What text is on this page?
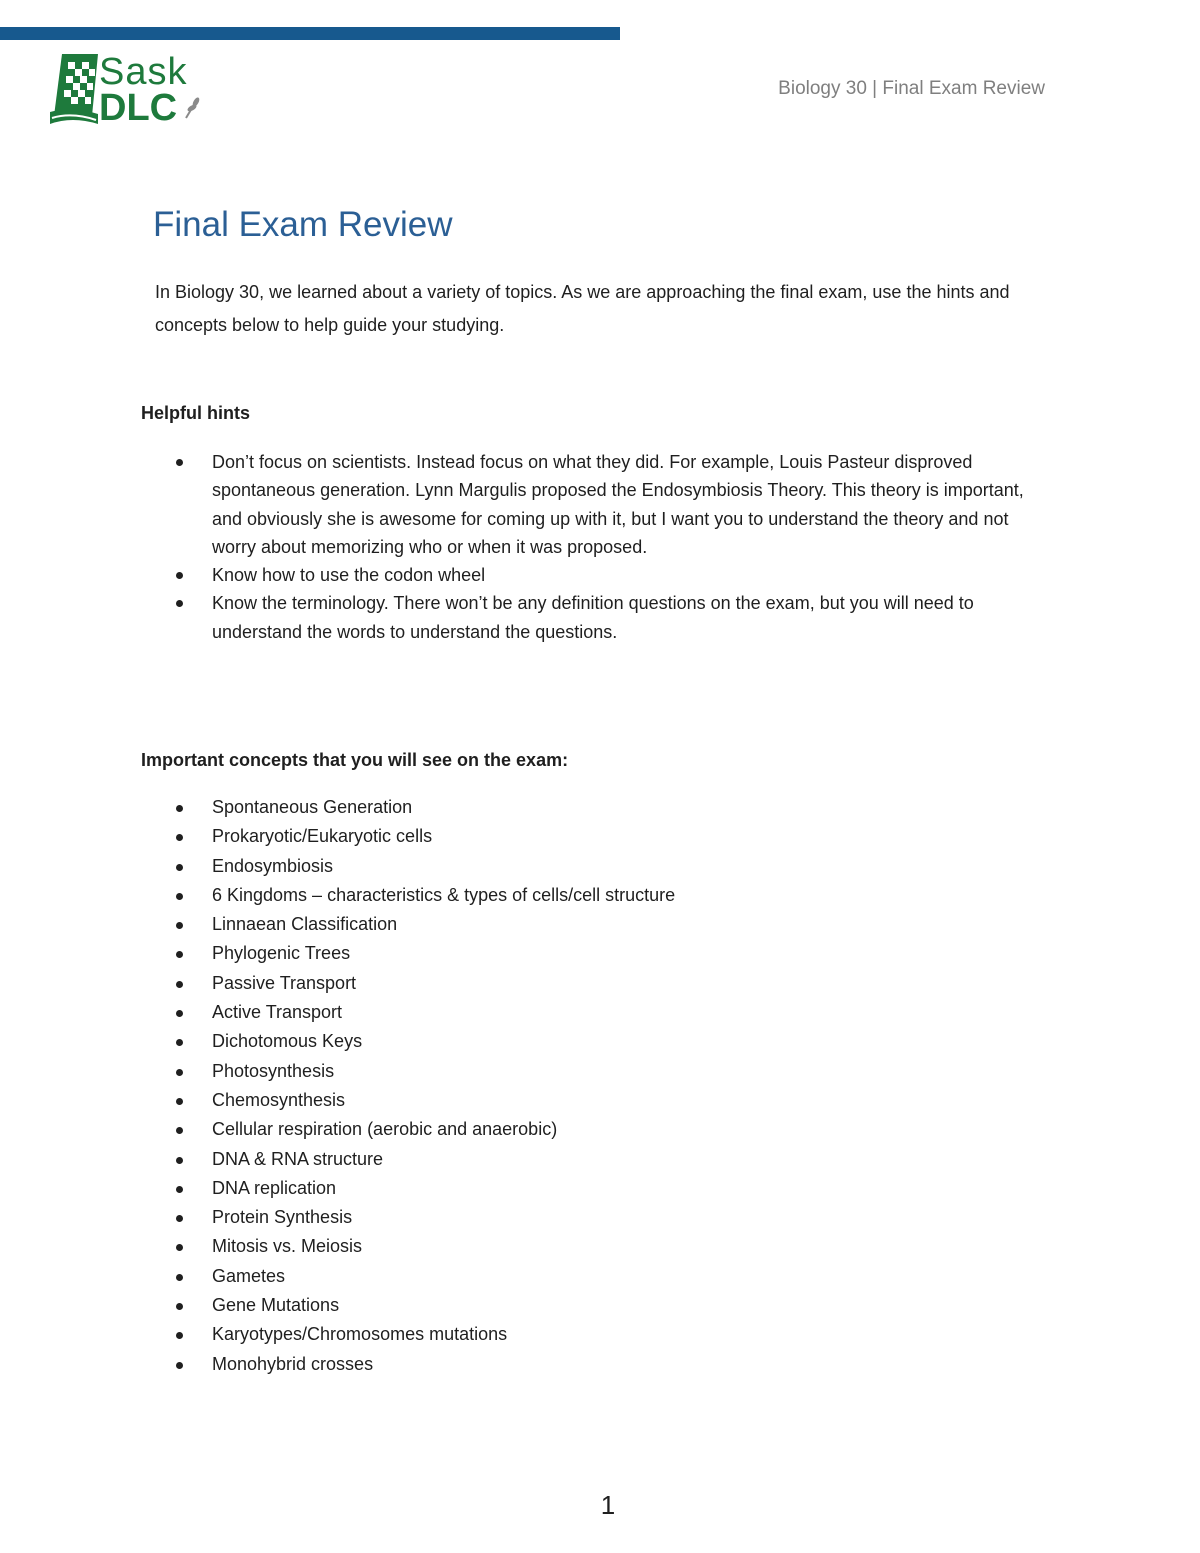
Sask
DLC	Biology 30 | Final Exam Review
Final Exam Review

In Biology 30, we learned about a variety of topics. As we are approaching the final exam, use the hints and concepts below to help guide your studying.

Helpful hints
Don’t focus on scientists. Instead focus on what they did. For example, Louis Pasteur disproved spontaneous generation. Lynn Margulis proposed the Endosymbiosis Theory. This theory is important, and obviously she is awesome for coming up with it, but I want you to understand the theory and not worry about memorizing who or when it was proposed.
Know how to use the codon wheel
Know the terminology. There won’t be any definition questions on the exam, but you will need to understand the words to understand the questions.
Important concepts that you will see on the exam:
Spontaneous Generation
Prokaryotic/Eukaryotic cells
Endosymbiosis
6 Kingdoms – characteristics & types of cells/cell structure
Linnaean Classification
Phylogenic Trees
Passive Transport
Active Transport
Dichotomous Keys
Photosynthesis
Chemosynthesis
Cellular respiration (aerobic and anaerobic)
DNA & RNA structure
DNA replication
Protein Synthesis
Mitosis vs. Meiosis
Gametes
Gene Mutations
Karyotypes/Chromosomes mutations
Monohybrid crosses
1
